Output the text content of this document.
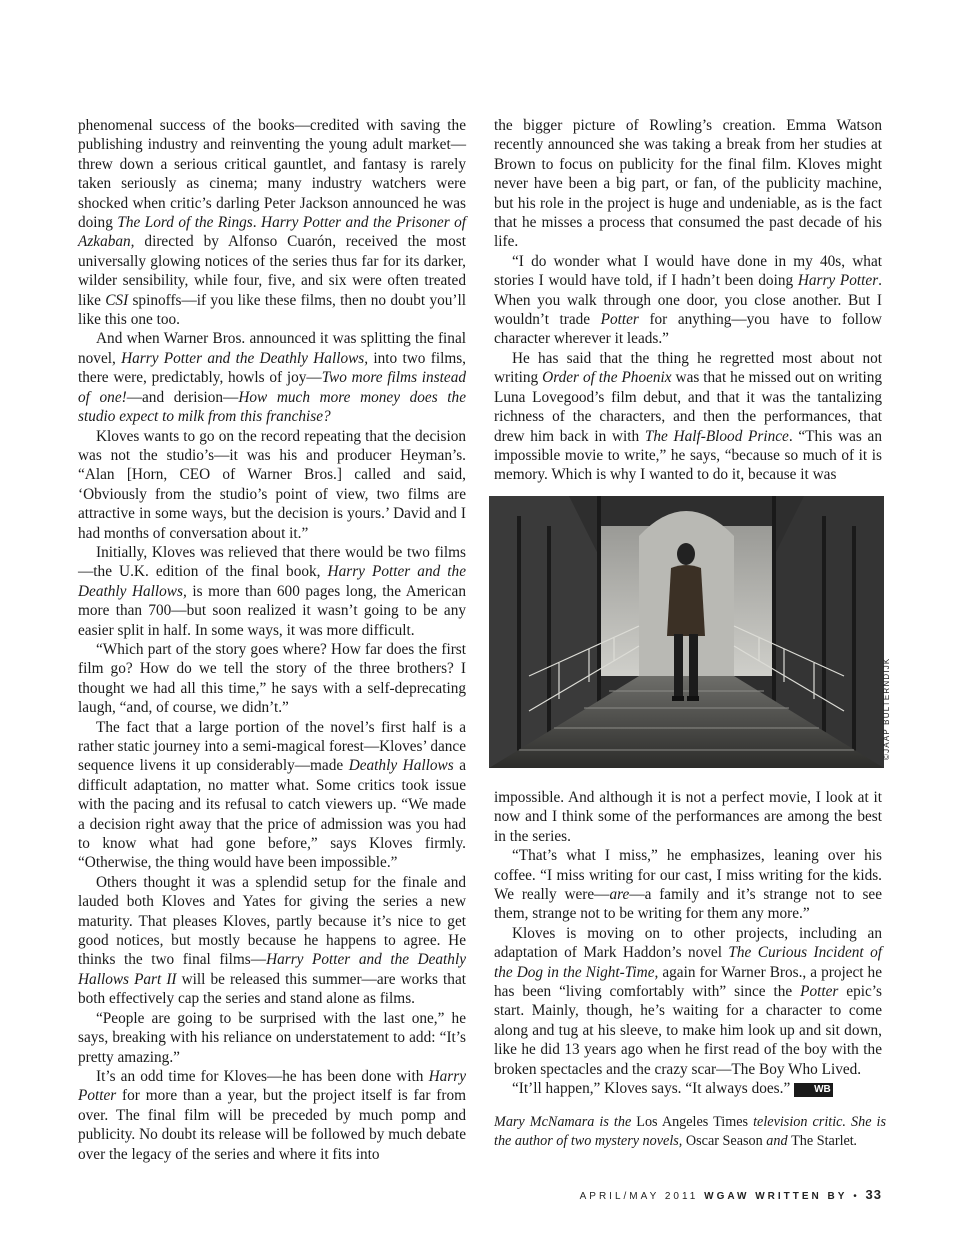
phenomenal success of the books—credited with saving the publishing industry and reinventing the young adult market—threw down a serious critical gauntlet, and fantasy is rarely taken seriously as cinema; many industry watchers were shocked when critic’s darling Peter Jackson announced he was doing The Lord of the Rings. Harry Potter and the Prisoner of Azkaban, directed by Alfonso Cuarón, received the most universally glowing notices of the series thus far for its darker, wilder sensibility, while four, five, and six were often treated like CSI spinoffs—if you like these films, then no doubt you’ll like this one too.

And when Warner Bros. announced it was splitting the final novel, Harry Potter and the Deathly Hallows, into two films, there were, predictably, howls of joy—Two more films instead of one!—and derision—How much more money does the studio expect to milk from this franchise?

Kloves wants to go on the record repeating that the decision was not the studio’s—it was his and producer Heyman’s. “Alan [Horn, CEO of Warner Bros.] called and said, ‘Obviously from the studio’s point of view, two films are attractive in some ways, but the decision is yours.’ David and I had months of conversation about it.”

Initially, Kloves was relieved that there would be two films—the U.K. edition of the final book, Harry Potter and the Deathly Hallows, is more than 600 pages long, the American more than 700—but soon realized it wasn’t going to be any easier split in half. In some ways, it was more difficult.

“Which part of the story goes where? How far does the first film go? How do we tell the story of the three brothers? I thought we had all this time,” he says with a self-deprecating laugh, “and, of course, we didn’t.”

The fact that a large portion of the novel’s first half is a rather static journey into a semi-magical forest—Kloves’ dance sequence livens it up considerably—made Deathly Hallows a difficult adaptation, no matter what. Some critics took issue with the pacing and its refusal to catch viewers up. “We made a decision right away that the price of admission was you had to know what had gone before,” says Kloves firmly. “Otherwise, the thing would have been impossible.”

Others thought it was a splendid setup for the finale and lauded both Kloves and Yates for giving the series a new maturity. That pleases Kloves, partly because it’s nice to get good notices, but mostly because he happens to agree. He thinks the two final films—Harry Potter and the Deathly Hallows Part II will be released this summer—are works that both effectively cap the series and stand alone as films.

“People are going to be surprised with the last one,” he says, breaking with his reliance on understatement to add: “It’s pretty amazing.”

It’s an odd time for Kloves—he has been done with Harry Potter for more than a year, but the project itself is far from over. The final film will be preceded by much pomp and publicity. No doubt its release will be followed by much debate over the legacy of the series and where it fits into

the bigger picture of Rowling’s creation. Emma Watson recently announced she was taking a break from her studies at Brown to focus on publicity for the final film. Kloves might never have been a big part, or fan, of the publicity machine, but his role in the project is huge and undeniable, as is the fact that he misses a process that consumed the past decade of his life.

“I do wonder what I would have done in my 40s, what stories I would have told, if I hadn’t been doing Harry Potter. When you walk through one door, you close another. But I wouldn’t trade Potter for anything—you have to follow character wherever it leads.”

He has said that the thing he regretted most about not writing Order of the Phoenix was that he missed out on writing Luna Lovegood’s film debut, and that it was the tantalizing richness of the characters, and then the performances, that drew him back in with The Half-Blood Prince. “This was an impossible movie to write,” he says, “because so much of it is memory. Which is why I wanted to do it, because it was

©JAAP BULTERNDIJK

impossible. And although it is not a perfect movie, I look at it now and I think some of the performances are among the best in the series.

“That’s what I miss,” he emphasizes, leaning over his coffee. “I miss writing for our cast, I miss writing for the kids. We really were—are—a family and it’s strange not to see them, strange not to be writing for them any more.”

Kloves is moving on to other projects, including an adaptation of Mark Haddon’s novel The Curious Incident of the Dog in the Night-Time, again for Warner Bros., a project he has been “living comfortably with” since the Potter epic’s start. Mainly, though, he’s waiting for a character to come along and tug at his sleeve, to make him look up and sit down, like he did 13 years ago when he first read of the boy with the broken spectacles and the crazy scar—The Boy Who Lived.

“It’ll happen,” Kloves says. “It always does.” WB

Mary McNamara is the Los Angeles Times television critic. She is the author of two mystery novels, Oscar Season and The Starlet.
APRIL/MAY 2011 WGAW WRITTEN BY • 33
